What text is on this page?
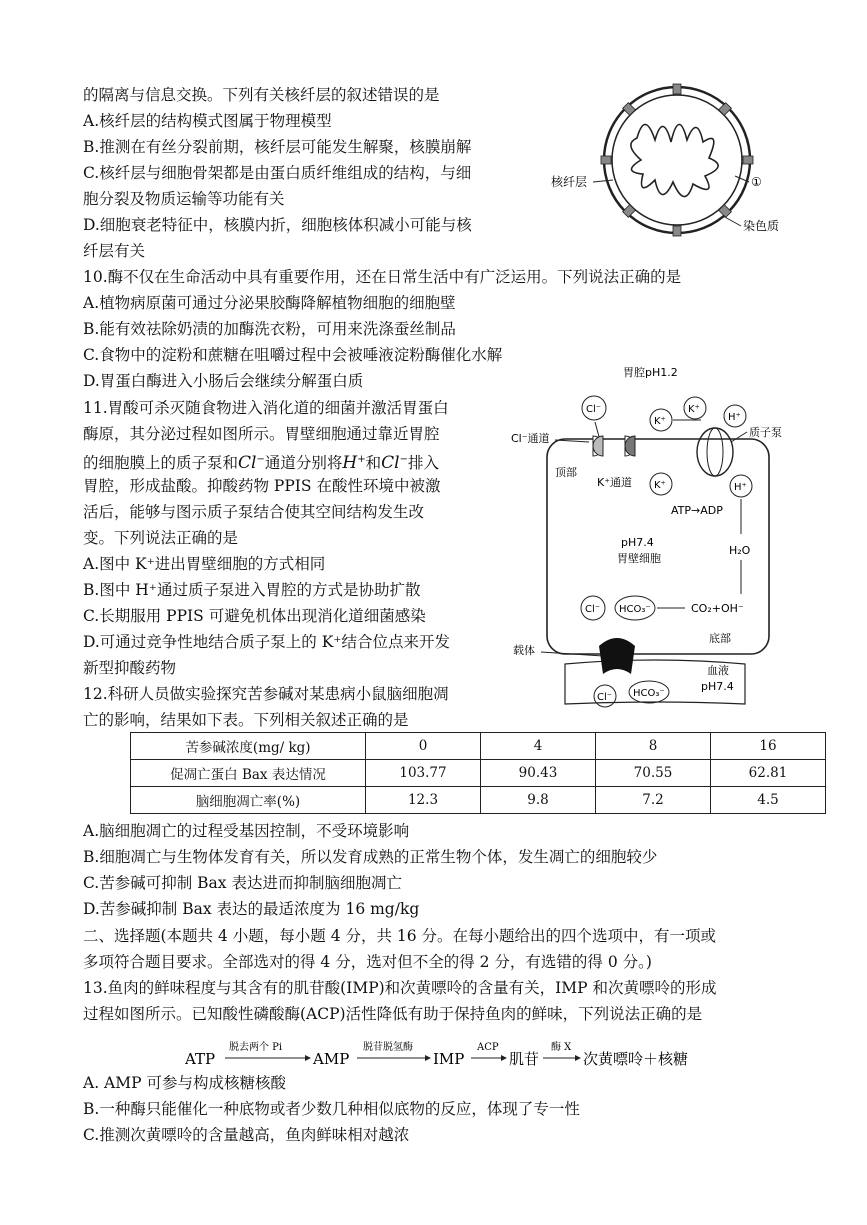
的隔离与信息交换。下列有关核纤层的叙述错误的是
A.核纤层的结构模式图属于物理模型
B.推测在有丝分裂前期，核纤层可能发生解聚，核膜崩解
C.核纤层与细胞骨架都是由蛋白质纤维组成的结构，与细
胞分裂及物质运输等功能有关
D.细胞衰老特征中，核膜内折，细胞核体积减小可能与核
纤层有关
核纤层	①
染色质
10.酶不仅在生命活动中具有重要作用，还在日常生活中有广泛运用。下列说法正确的是
A.植物病原菌可通过分泌果胶酶降解植物细胞的细胞壁
B.能有效祛除奶渍的加酶洗衣粉，可用来洗涤蚕丝制品
C.食物中的淀粉和蔗糖在咀嚼过程中会被唾液淀粉酶催化水解
D.胃蛋白酶进入小肠后会继续分解蛋白质
11.胃酸可杀灭随食物进入消化道的细菌并激活胃蛋白
酶原，其分泌过程如图所示。胃壁细胞通过靠近胃腔
的细胞膜上的质子泵和Cl−通道分别将H+和Cl−排入
胃腔，形成盐酸。抑酸药物 PPIS 在酸性环境中被激
活后，能够与图示质子泵结合使其空间结构发生改
变。下列说法正确的是
A.图中 K⁺进出胃壁细胞的方式相同
B.图中 H⁺通过质子泵进入胃腔的方式是协助扩散
C.长期服用 PPIS 可避免机体出现消化道细菌感染
D.可通过竞争性地结合质子泵上的 K⁺结合位点来开发
新型抑酸药物
胃腔pH1.2
Cl⁻
Cl⁻通道
顶部
K⁺通道
K⁺
K⁺
H⁺
质子泵
K⁺	H⁺
ATP→ADP
pH7.4
胃壁细胞
H₂O
Cl⁻ HCO₃⁻	CO₂+OH⁻
底部
载体
血液
pH7.4
Cl⁻ HCO₃⁻
12.科研人员做实验探究苦参碱对某患病小鼠脑细胞凋
亡的影响，结果如下表。下列相关叙述正确的是
苦参碱浓度(mg/ kg)	0	4	8	16
促凋亡蛋白 Bax 表达情况	103.77	90.43	70.55	62.81
脑细胞凋亡率(%)	12.3	9.8	7.2	4.5
A.脑细胞凋亡的过程受基因控制，不受环境影响
B.细胞凋亡与生物体发育有关，所以发育成熟的正常生物个体，发生凋亡的细胞较少
C.苦参碱可抑制 Bax 表达进而抑制脑细胞凋亡
D.苦参碱抑制 Bax 表达的最适浓度为 16 mg/kg
二、选择题(本题共 4 小题，每小题 4 分，共 16 分。在每小题给出的四个选项中，有一项或
多项符合题目要求。全部选对的得 4 分，选对但不全的得 2 分，有选错的得 0 分。)
13.鱼肉的鲜味程度与其含有的肌苷酸(IMP)和次黄嘌呤的含量有关，IMP 和次黄嘌呤的形成
过程如图所示。已知酸性磷酸酶(ACP)活性降低有助于保持鱼肉的鲜味，下列说法正确的是
ATP
脱去两个 Pi
AMP
脱苷脱氢酶
IMP
ACP
肌苷
酶 X
次黄嘌呤＋核糖
A. AMP 可参与构成核糖核酸
B.一种酶只能催化一种底物或者少数几种相似底物的反应，体现了专一性
C.推测次黄嘌呤的含量越高，鱼肉鲜味相对越浓
